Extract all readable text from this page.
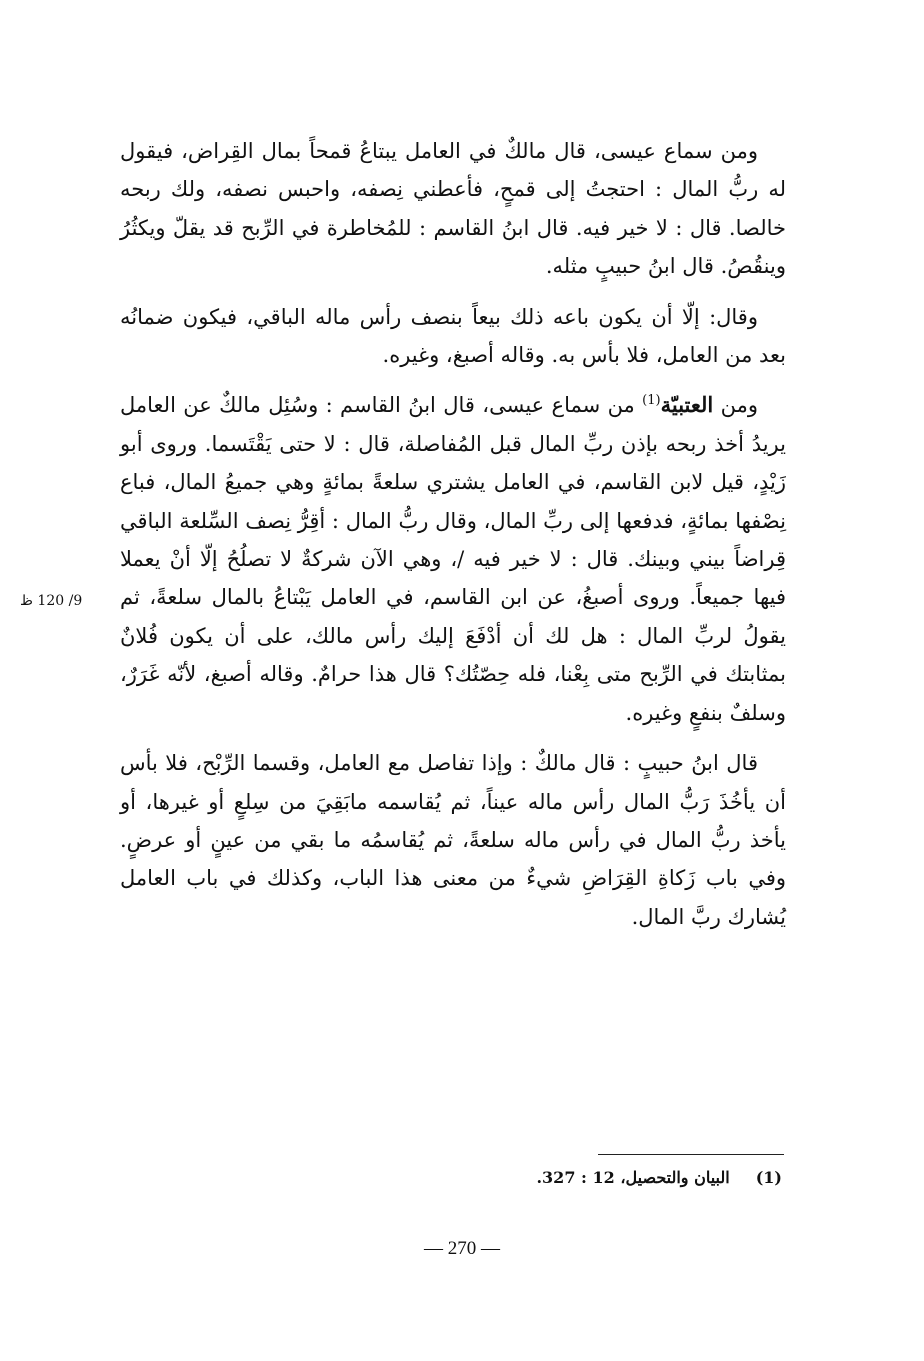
ومن سماع عيسى، قال مالكٌ في العامل يبتاعُ قمحاً بمال القِراض، فيقول له ربُّ المال : احتجتُ إلى قمحٍ، فأعطني نِصفه، واحبس نصفه، ولك ربحه خالصا. قال : لا خير فيه. قال ابنُ القاسم : للمُخاطرة في الرِّبح قد يقلّ ويكثُرُ وينقُصُ. قال ابنُ حبيبٍ مثله.

وقال: إلّا أن يكون باعه ذلك بيعاً بنصف رأس ماله الباقي، فيكون ضمانُه بعد من العامل، فلا بأس به. وقاله أصبغ، وغيره.

ومن العتبيّة$^{(1)}$ من سماع عيسى، قال ابنُ القاسم : وسُئِل مالكٌ عن العامل يريدُ أخذ ربحه بإذن ربِّ المال قبل المُفاصلة، قال : لا حتى يَقْتَسما. وروى أبو زَيْدٍ، قيل لابن القاسم، في العامل يشتري سلعةً بمائةٍ وهي جميعُ المال، فباع نِصْفها بمائةٍ، فدفعها إلى ربِّ المال، وقال ربُّ المال : أقِرُّ نِصف السِّلعة الباقي قِراضاً بيني وبينك. قال : لا خير فيه /، وهي الآن شركةٌ لا تصلُحُ إلّا أنْ يعملا فيها جميعاً. وروى أصبغُ، عن ابن القاسم، في العامل يَبْتاعُ بالمال سلعةً، ثم يقولُ لربِّ المال : هل لك أن أدْفَعَ إليك رأس مالك، على أن يكون فُلانٌ بمثابتك في الرِّبح متى بِعْنا، فله حِصّتُك؟ قال هذا حرامٌ. وقاله أصبغ، لأنّه غَرَرٌ، وسلفٌ بنفعٍ وغيره.

قال ابنُ حبيبٍ : قال مالكٌ : وإذا تفاصل مع العامل، وقسما الرِّبْح، فلا بأس أن يأخُذَ رَبُّ المال رأس ماله عيناً، ثم يُقاسمه مابَقِيَ من سِلعٍ أو غيرها، أو يأخذ ربُّ المال في رأس ماله سلعةً، ثم يُقاسمُه ما بقي من عينٍ أو عرضٍ. وفي باب زَكاةِ القِرَاضِ شيءٌ من معنى هذا الباب، وكذلك في باب العامل يُشارك ربَّ المال.

9/ 120 ظ
(1)البيان والتحصيل، 12 : 327.
— 270 —
